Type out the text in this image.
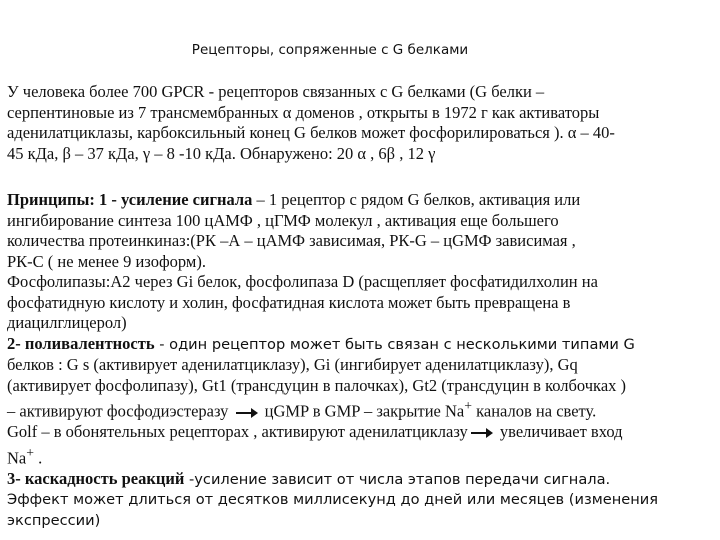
Рецепторы, сопряженные с G белками
У человека более 700 GPCR - рецепторов связанных с G белками (G белки –
серпентиновые из 7 трансмембранных α доменов , открыты в 1972 г как активаторы
аденилатциклазы, карбоксильный конец G белков может фосфорилироваться ). α – 40-
45 кДа, β – 37 кДа, γ – 8 -10 кДа. Обнаружено: 20 α , 6β , 12 γ
Принципы: 1 - усиление сигнала – 1 рецептор с рядом G белков, активация или
ингибирование синтеза 100 цАМФ , цГМФ молекул , активация еще большего
количества протеинкиназ:(РК –А – цАМФ зависимая, РК-G – цGМФ зависимая ,
РК-С ( не менее 9 изоформ).
Фосфолипазы:А2 через Gi белок, фосфолипаза D (расщепляет фосфатидилхолин на
фосфатидную кислоту и холин, фосфатидная кислота может быть превращена в
диацилглицерол)
2- поливалентность - один рецептор может быть связан с несколькими типами G
белков : G s (активирует аденилатциклазу), Gi (ингибирует аденилатциклазу), Gq
(активирует фосфолипазу), Gt1 (трансдуцин в палочках), Gt2 (трансдуцин в колбочках )
– активируют фосфодиэстеразу
цGMP в GMP – закрытие Na+ каналов на свету.
Golf – в обонятельных рецепторах , активируют аденилатциклазу
увеличивает вход
Na+ .
3- каскадность реакций -усиление зависит от числа этапов передачи сигнала.
Эффект может длиться от десятков миллисекунд до дней или месяцев (изменения
экспрессии)
